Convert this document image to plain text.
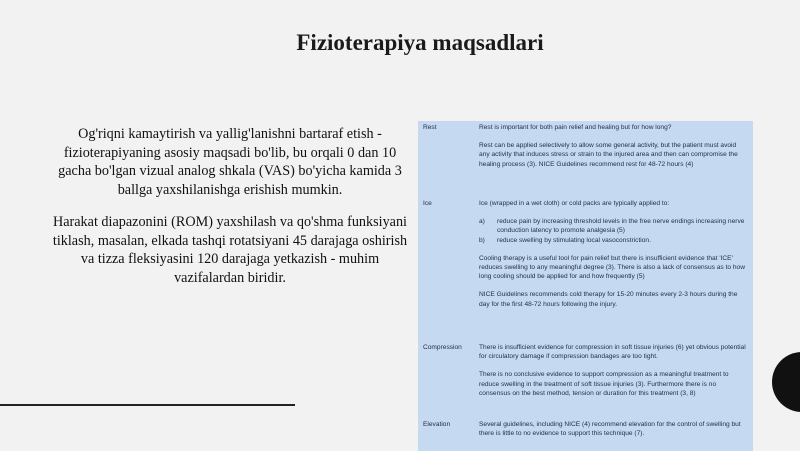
Fizioterapiya maqsadlari
Og'riqni kamaytirish va yallig'lanishni bartaraf etish - fizioterapiyaning asosiy maqsadi bo'lib, bu orqali 0 dan 10 gacha bo'lgan vizual analog shkala (VAS) bo'yicha kamida 3 ballga yaxshilanishga erishish mumkin.
Harakat diapazonini (ROM) yaxshilash va qo'shma funksiyani tiklash, masalan, elkada tashqi rotatsiyani 45 darajaga oshirish va tizza fleksiyasini 120 darajaga yetkazish - muhim vazifalardan biridir.
Rest	Rest is important for both pain relief and healing but for how long?

Rest can be applied selectively to allow some general activity, but the patient must avoid any activity that induces stress or strain to the injured area and then can compromise the healing process (3). NICE Guidelines recommend rest for 48-72 hours (4)

Ice	Ice (wrapped in a wet cloth) or cold packs are typically applied to:

a) reduce pain by increasing threshold levels in the free nerve endings increasing nerve conduction latency to promote analgesia (5)
b) reduce swelling by stimulating local vasoconstriction.

Cooling therapy is a useful tool for pain relief but there is insufficient evidence that 'ICE' reduces swelling to any meaningful degree (3). There is also a lack of consensus as to how long cooling should be applied for and how frequently (5)

NICE Guidelines recommends cold therapy for 15-20 minutes every 2-3 hours during the day for the first 48-72 hours following the injury.

Compression	There is insufficient evidence for compression in soft tissue injuries (6) yet obvious potential for circulatory damage if compression bandages are too tight.

There is no conclusive evidence to support compression as a meaningful treatment to reduce swelling in the treatment of soft tissue injuries (3). Furthermore there is no consensus on the best method, tension or duration for this treatment (3, 8)

Elevation	Several guidelines, including NICE (4) recommend elevation for the control of swelling but there is little to no evidence to support this technique (7).
